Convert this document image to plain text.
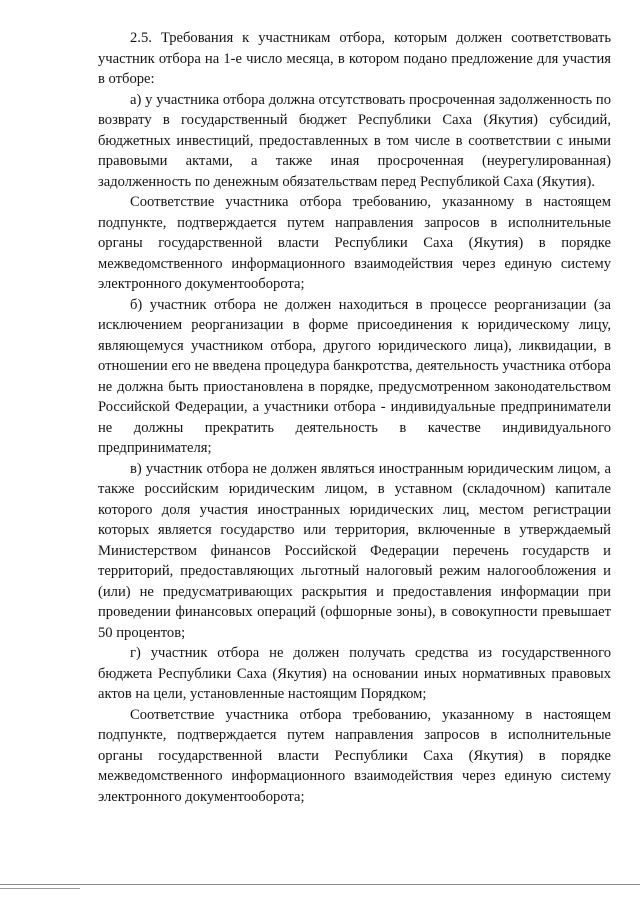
2.5. Требования к участникам отбора, которым должен соответствовать участник отбора на 1-е число месяца, в котором подано предложение для участия в отборе:

а) у участника отбора должна отсутствовать просроченная задолженность по возврату в государственный бюджет Республики Саха (Якутия) субсидий, бюджетных инвестиций, предоставленных в том числе в соответствии с иными правовыми актами, а также иная просроченная (неурегулированная) задолженность по денежным обязательствам перед Республикой Саха (Якутия).

Соответствие участника отбора требованию, указанному в настоящем подпункте, подтверждается путем направления запросов в исполнительные органы государственной власти Республики Саха (Якутия) в порядке межведомственного информационного взаимодействия через единую систему электронного документооборота;

б) участник отбора не должен находиться в процессе реорганизации (за исключением реорганизации в форме присоединения к юридическому лицу, являющемуся участником отбора, другого юридического лица), ликвидации, в отношении его не введена процедура банкротства, деятельность участника отбора не должна быть приостановлена в порядке, предусмотренном законодательством Российской Федерации, а участники отбора - индивидуальные предприниматели не должны прекратить деятельность в качестве индивидуального предпринимателя;

в) участник отбора не должен являться иностранным юридическим лицом, а также российским юридическим лицом, в уставном (складочном) капитале которого доля участия иностранных юридических лиц, местом регистрации которых является государство или территория, включенные в утверждаемый Министерством финансов Российской Федерации перечень государств и территорий, предоставляющих льготный налоговый режим налогообложения и (или) не предусматривающих раскрытия и предоставления информации при проведении финансовых операций (офшорные зоны), в совокупности превышает 50 процентов;

г) участник отбора не должен получать средства из государственного бюджета Республики Саха (Якутия) на основании иных нормативных правовых актов на цели, установленные настоящим Порядком;

Соответствие участника отбора требованию, указанному в настоящем подпункте, подтверждается путем направления запросов в исполнительные органы государственной власти Республики Саха (Якутия) в порядке межведомственного информационного взаимодействия через единую систему электронного документооборота;
